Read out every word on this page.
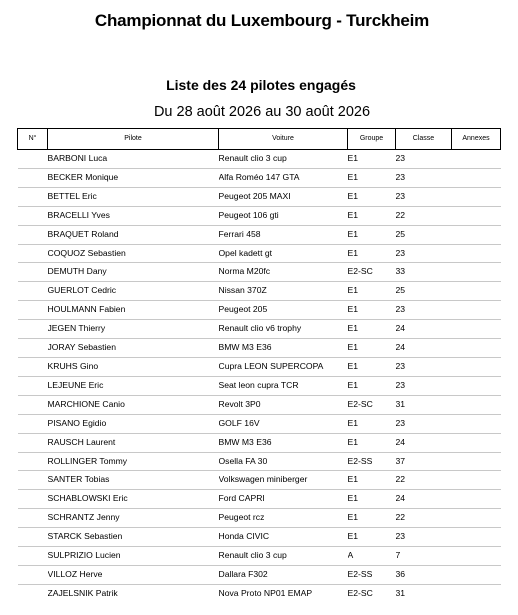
Championnat du Luxembourg - Turckheim
Liste des 24 pilotes engagés
Du 28 août 2026 au 30 août 2026
N°	Pilote	Voiture	Groupe	Classe	Annexes
	BARBONI Luca	Renault clio 3 cup	E1	23	
	BECKER Monique	Alfa Roméo 147 GTA	E1	23	
	BETTEL Eric	Peugeot 205 MAXI	E1	23	
	BRACELLI Yves	Peugeot 106 gti	E1	22	
	BRAQUET Roland	Ferrari 458	E1	25	
	COQUOZ Sebastien	Opel kadett gt	E1	23	
	DEMUTH Dany	Norma M20fc	E2-SC	33	
	GUERLOT Cedric	Nissan 370Z	E1	25	
	HOULMANN Fabien	Peugeot 205	E1	23	
	JEGEN Thierry	Renault clio v6 trophy	E1	24	
	JORAY Sebastien	BMW M3 E36	E1	24	
	KRUHS Gino	Cupra LEON SUPERCOPA	E1	23	
	LEJEUNE Eric	Seat leon cupra TCR	E1	23	
	MARCHIONE Canio	Revolt 3P0	E2-SC	31	
	PISANO Egidio	GOLF 16V	E1	23	
	RAUSCH Laurent	BMW M3 E36	E1	24	
	ROLLINGER Tommy	Osella FA 30	E2-SS	37	
	SANTER Tobias	Volkswagen miniberger	E1	22	
	SCHABLOWSKI Eric	Ford CAPRI	E1	24	
	SCHRANTZ Jenny	Peugeot rcz	E1	22	
	STARCK Sebastien	Honda CIVIC	E1	23	
	SULPRIZIO Lucien	Renault clio 3 cup	A	7	
	VILLOZ Herve	Dallara F302	E2-SS	36	
	ZAJELSNIK Patrik	Nova Proto NP01 EMAP	E2-SC	31	
